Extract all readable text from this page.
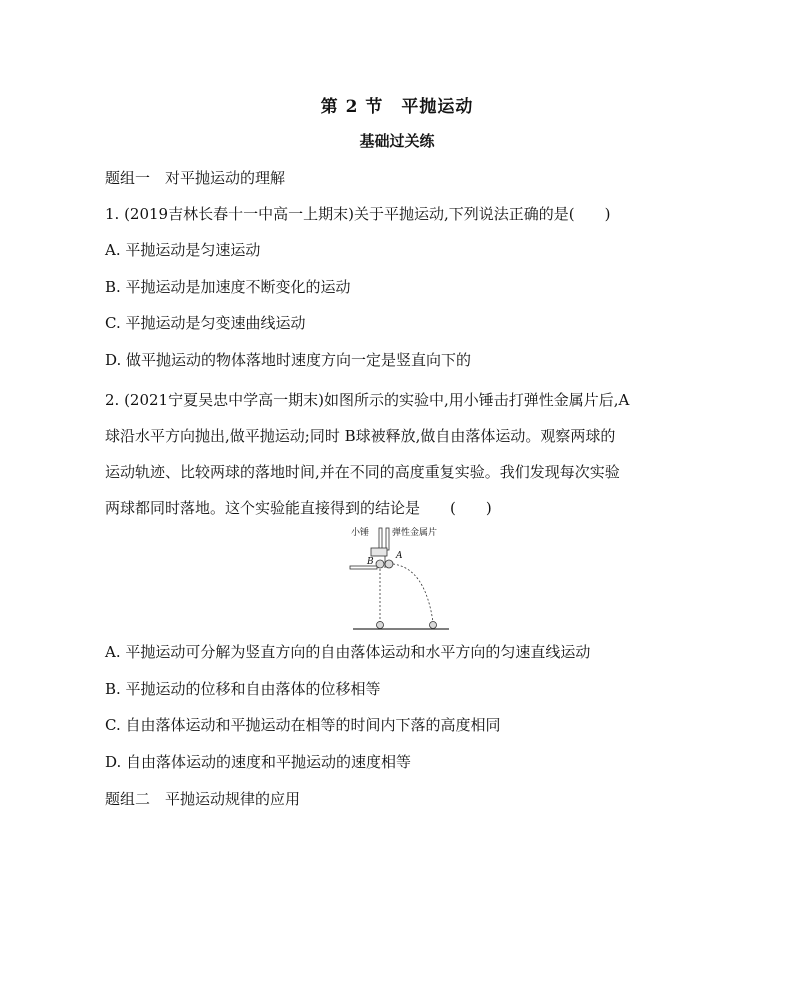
第 2 节　平抛运动
基础过关练
题组一　对平抛运动的理解
1. (2019吉林长春十一中高一上期末)关于平抛运动,下列说法正确的是(　　)
A. 平抛运动是匀速运动
B. 平抛运动是加速度不断变化的运动
C. 平抛运动是匀变速曲线运动
D. 做平抛运动的物体落地时速度方向一定是竖直向下的
2. (2021宁夏吴忠中学高一期末)如图所示的实验中,用小锤击打弹性金属片后,A
球沿水平方向抛出,做平抛运动;同时 B球被释放,做自由落体运动。观察两球的
运动轨迹、比较两球的落地时间,并在不同的高度重复实验。我们发现每次实验
两球都同时落地。这个实验能直接得到的结论是　　(　　)
小锤	弹性金属片
A
B
A. 平抛运动可分解为竖直方向的自由落体运动和水平方向的匀速直线运动
B. 平抛运动的位移和自由落体的位移相等
C. 自由落体运动和平抛运动在相等的时间内下落的高度相同
D. 自由落体运动的速度和平抛运动的速度相等
题组二　平抛运动规律的应用
